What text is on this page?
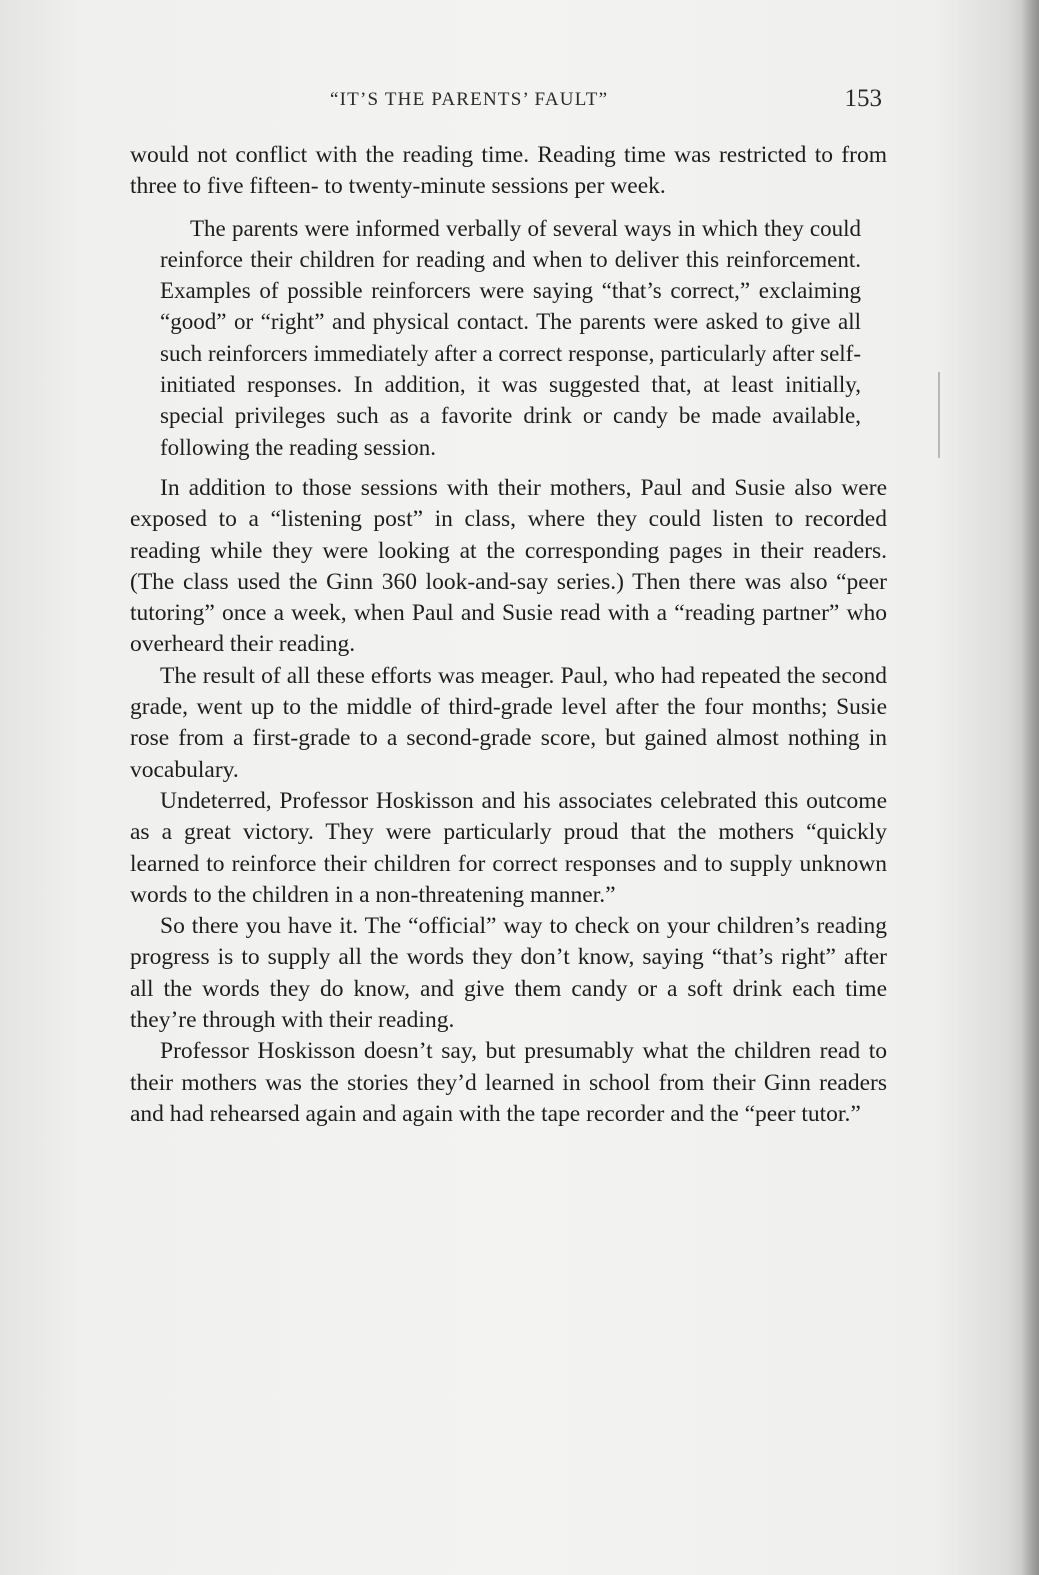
“IT’S THE PARENTS’ FAULT”	153

would not conflict with the reading time. Reading time was restricted to from three to five fifteen- to twenty-minute sessions per week.

The parents were informed verbally of several ways in which they could reinforce their children for reading and when to deliver this reinforcement. Examples of possible reinforcers were saying “that’s correct,” exclaiming “good” or “right” and physical contact. The parents were asked to give all such reinforcers immediately after a correct response, particularly after self-initiated responses. In addition, it was suggested that, at least initially, special privileges such as a favorite drink or candy be made available, following the reading session.

In addition to those sessions with their mothers, Paul and Susie also were exposed to a “listening post” in class, where they could listen to recorded reading while they were looking at the corresponding pages in their readers. (The class used the Ginn 360 look-and-say series.) Then there was also “peer tutoring” once a week, when Paul and Susie read with a “reading partner” who overheard their reading.

The result of all these efforts was meager. Paul, who had repeated the second grade, went up to the middle of third-grade level after the four months; Susie rose from a first-grade to a second-grade score, but gained almost nothing in vocabulary.

Undeterred, Professor Hoskisson and his associates celebrated this outcome as a great victory. They were particularly proud that the mothers “quickly learned to reinforce their children for correct responses and to supply unknown words to the children in a non-threatening manner.”

So there you have it. The “official” way to check on your children’s reading progress is to supply all the words they don’t know, saying “that’s right” after all the words they do know, and give them candy or a soft drink each time they’re through with their reading.

Professor Hoskisson doesn’t say, but presumably what the children read to their mothers was the stories they’d learned in school from their Ginn readers and had rehearsed again and again with the tape recorder and the “peer tutor.”
